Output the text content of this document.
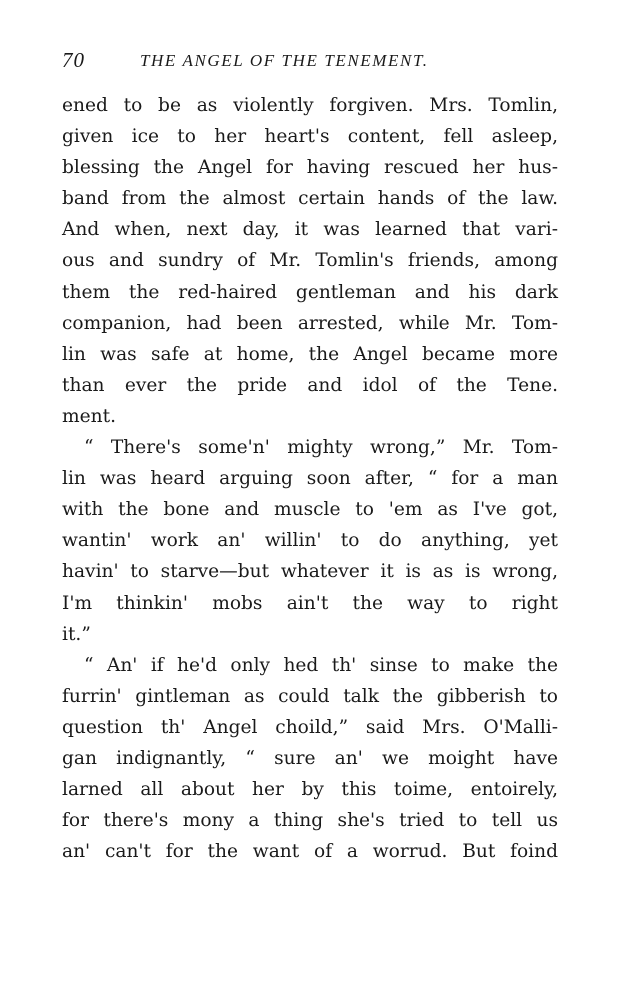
70	THE ANGEL OF THE TENEMENT.
ened to be as violently forgiven. Mrs. Tomlin,
given ice to her heart's content, fell asleep,
blessing the Angel for having rescued her hus-
band from the almost certain hands of the law.
And when, next day, it was learned that vari-
ous and sundry of Mr. Tomlin's friends, among
them the red-haired gentleman and his dark
companion, had been arrested, while Mr. Tom-
lin was safe at home, the Angel became more
than ever the pride and idol of the Tene.
ment.
“ There's some'n' mighty wrong,” Mr. Tom-
lin was heard arguing soon after, “ for a man
with the bone and muscle to 'em as I've got,
wantin' work an' willin' to do anything, yet
havin' to starve—but whatever it is as is wrong,
I'm thinkin' mobs ain't the way to right
it.”
“ An' if he'd only hed th' sinse to make the
furrin' gintleman as could talk the gibberish to
question th' Angel choild,” said Mrs. O'Malli-
gan indignantly, “ sure an' we moight have
larned all about her by this toime, entoirely,
for there's mony a thing she's tried to tell us
an' can't for the want of a worrud. But foind
